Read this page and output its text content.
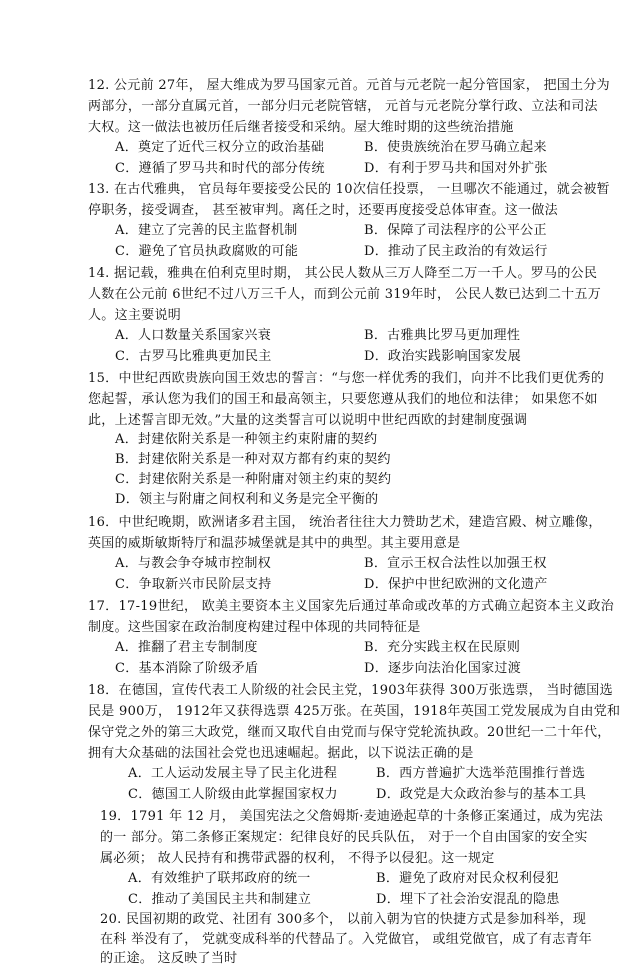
12. 公元前 27年， 屋大维成为罗马国家元首。元首与元老院一起分管国家， 把国土分为
两部分，一部分直属元首，一部分归元老院管辖， 元首与元老院分掌行政、立法和司法
大权。这一做法也被历任后继者接受和采纳。屋大维时期的这些统治措施
A．奠定了近代三权分立的政治基础	B．使贵族统治在罗马确立起来
C．遵循了罗马共和时代的部分传统	D．有利于罗马共和国对外扩张
13. 在古代雅典， 官员每年要接受公民的 10次信任投票， 一旦哪次不能通过，就会被暂
停职务，接受调查， 甚至被审判。离任之时，还要再度接受总体审查。这一做法
A．建立了完善的民主监督机制	B．保障了司法程序的公平公正
C．避免了官员执政腐败的可能	D．推动了民主政治的有效运行
14. 据记载，雅典在伯利克里时期， 其公民人数从三万人降至二万一千人。罗马的公民
人数在公元前 6世纪不过八万三千人，而到公元前 319年时， 公民人数已达到二十五万
人。这主要说明
A．人口数量关系国家兴衰	B．古雅典比罗马更加理性
C．古罗马比雅典更加民主	D．政治实践影响国家发展
15．中世纪西欧贵族向国王效忠的誓言：“与您一样优秀的我们，向并不比我们更优秀的
您起誓，承认您为我们的国王和最高领主，只要您遵从我们的地位和法律； 如果您不如
此，上述誓言即无效。”大量的这类誓言可以说明中世纪西欧的封建制度强调
A．封建依附关系是一种领主约束附庸的契约
B．封建依附关系是一种对双方都有约束的契约
C．封建依附关系是一种附庸对领主约束的契约
D．领主与附庸之间权利和义务是完全平衡的
16．中世纪晚期，欧洲诸多君主国， 统治者往往大力赞助艺术，建造宫殿、树立雕像，
英国的威斯敏斯特厅和温莎城堡就是其中的典型。其主要用意是
A．与教会争夺城市控制权	B．宣示王权合法性以加强王权
C．争取新兴市民阶层支持	D．保护中世纪欧洲的文化遗产
17．17-19世纪， 欧美主要资本主义国家先后通过革命或改革的方式确立起资本主义政治
制度。这些国家在政治制度构建过程中体现的共同特征是
A．推翻了君主专制制度	B．充分实践主权在民原则
C．基本消除了阶级矛盾	D．逐步向法治化国家过渡
18．在德国，宣传代表工人阶级的社会民主党，1903年获得 300万张选票， 当时德国选
民是 900万， 1912年又获得选票 425万张。在英国，1918年英国工党发展成为自由党和
保守党之外的第三大政党，继而又取代自由党而与保守党轮流执政。20世纪一二十年代，
拥有大众基础的法国社会党也迅速崛起。据此，以下说法正确的是
A．工人运动发展主导了民主化进程	B．西方普遍扩大选举范围推行普选
C．德国工人阶级由此掌握国家权力	D．政党是大众政治参与的基本工具
19．1791 年 12 月， 美国宪法之父詹姆斯·麦迪逊起草的十条修正案通过，成为宪法
的一 部分。第二条修正案规定：纪律良好的民兵队伍， 对于一个自由国家的安全实
属必须； 故人民持有和携带武器的权利， 不得予以侵犯。这一规定
A．有效维护了联邦政府的统一	B．避免了政府对民众权利侵犯
C．推动了美国民主共和制建立	D．埋下了社会治安混乱的隐患
20. 民国初期的政党、社团有 300多个， 以前入朝为官的快捷方式是参加科举，现
在科 举没有了， 党就变成科举的代替品了。入党做官， 或组党做官，成了有志青年
的正途。 这反映了当时
